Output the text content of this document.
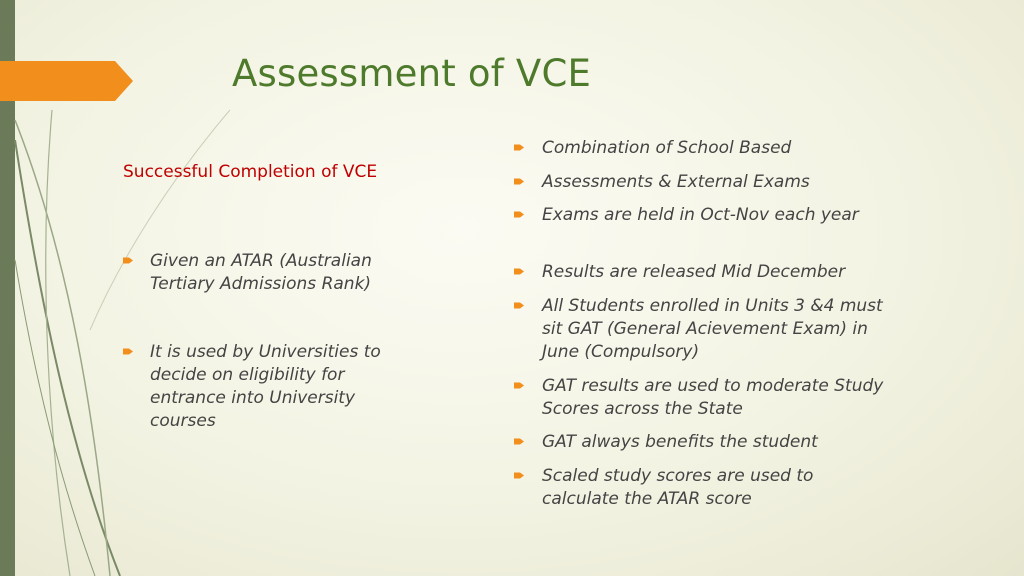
Assessment of VCE
Successful Completion of VCE
Given an ATAR (Australian Tertiary Admissions Rank)
It is used by Universities to decide on eligibility for entrance into University courses
Combination of School Based
Assessments & External Exams
Exams are held in Oct-Nov each year
Results are released Mid December
All Students enrolled in Units 3 &4 must sit GAT (General Acievement Exam) in June (Compulsory)
GAT results are used to moderate Study Scores across the State
GAT always benefits the student
Scaled study scores are used to calculate the ATAR score
